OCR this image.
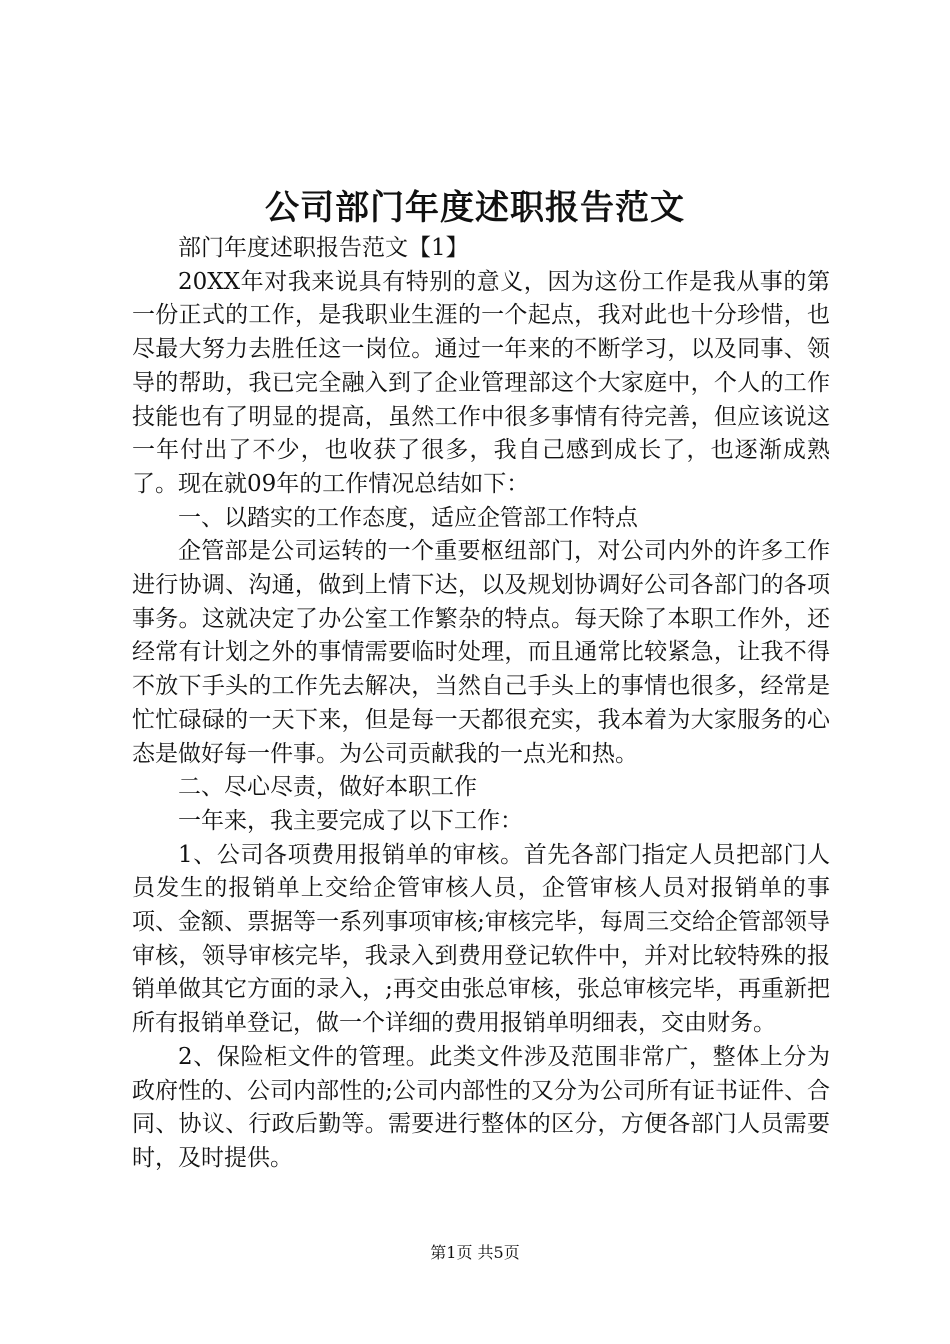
公司部门年度述职报告范文

部门年度述职报告范文【1】

20XX年对我来说具有特别的意义，因为这份工作是我从事的第一份正式的工作，是我职业生涯的一个起点，我对此也十分珍惜，也尽最大努力去胜任这一岗位。通过一年来的不断学习，以及同事、领导的帮助，我已完全融入到了企业管理部这个大家庭中，个人的工作技能也有了明显的提高，虽然工作中很多事情有待完善，但应该说这一年付出了不少，也收获了很多，我自己感到成长了，也逐渐成熟了。现在就09年的工作情况总结如下：

一、以踏实的工作态度，适应企管部工作特点

企管部是公司运转的一个重要枢纽部门，对公司内外的许多工作进行协调、沟通，做到上情下达，以及规划协调好公司各部门的各项事务。这就决定了办公室工作繁杂的特点。每天除了本职工作外，还经常有计划之外的事情需要临时处理，而且通常比较紧急，让我不得不放下手头的工作先去解决，当然自己手头上的事情也很多，经常是忙忙碌碌的一天下来，但是每一天都很充实，我本着为大家服务的心态是做好每一件事。为公司贡献我的一点光和热。

二、尽心尽责，做好本职工作

一年来，我主要完成了以下工作：

1、公司各项费用报销单的审核。首先各部门指定人员把部门人员发生的报销单上交给企管审核人员，企管审核人员对报销单的事项、金额、票据等一系列事项审核;审核完毕，每周三交给企管部领导审核，领导审核完毕，我录入到费用登记软件中，并对比较特殊的报销单做其它方面的录入，;再交由张总审核，张总审核完毕，再重新把所有报销单登记，做一个详细的费用报销单明细表，交由财务。

2、保险柜文件的管理。此类文件涉及范围非常广，整体上分为政府性的、公司内部性的;公司内部性的又分为公司所有证书证件、合同、协议、行政后勤等。需要进行整体的区分，方便各部门人员需要时，及时提供。

第1页 共5页
